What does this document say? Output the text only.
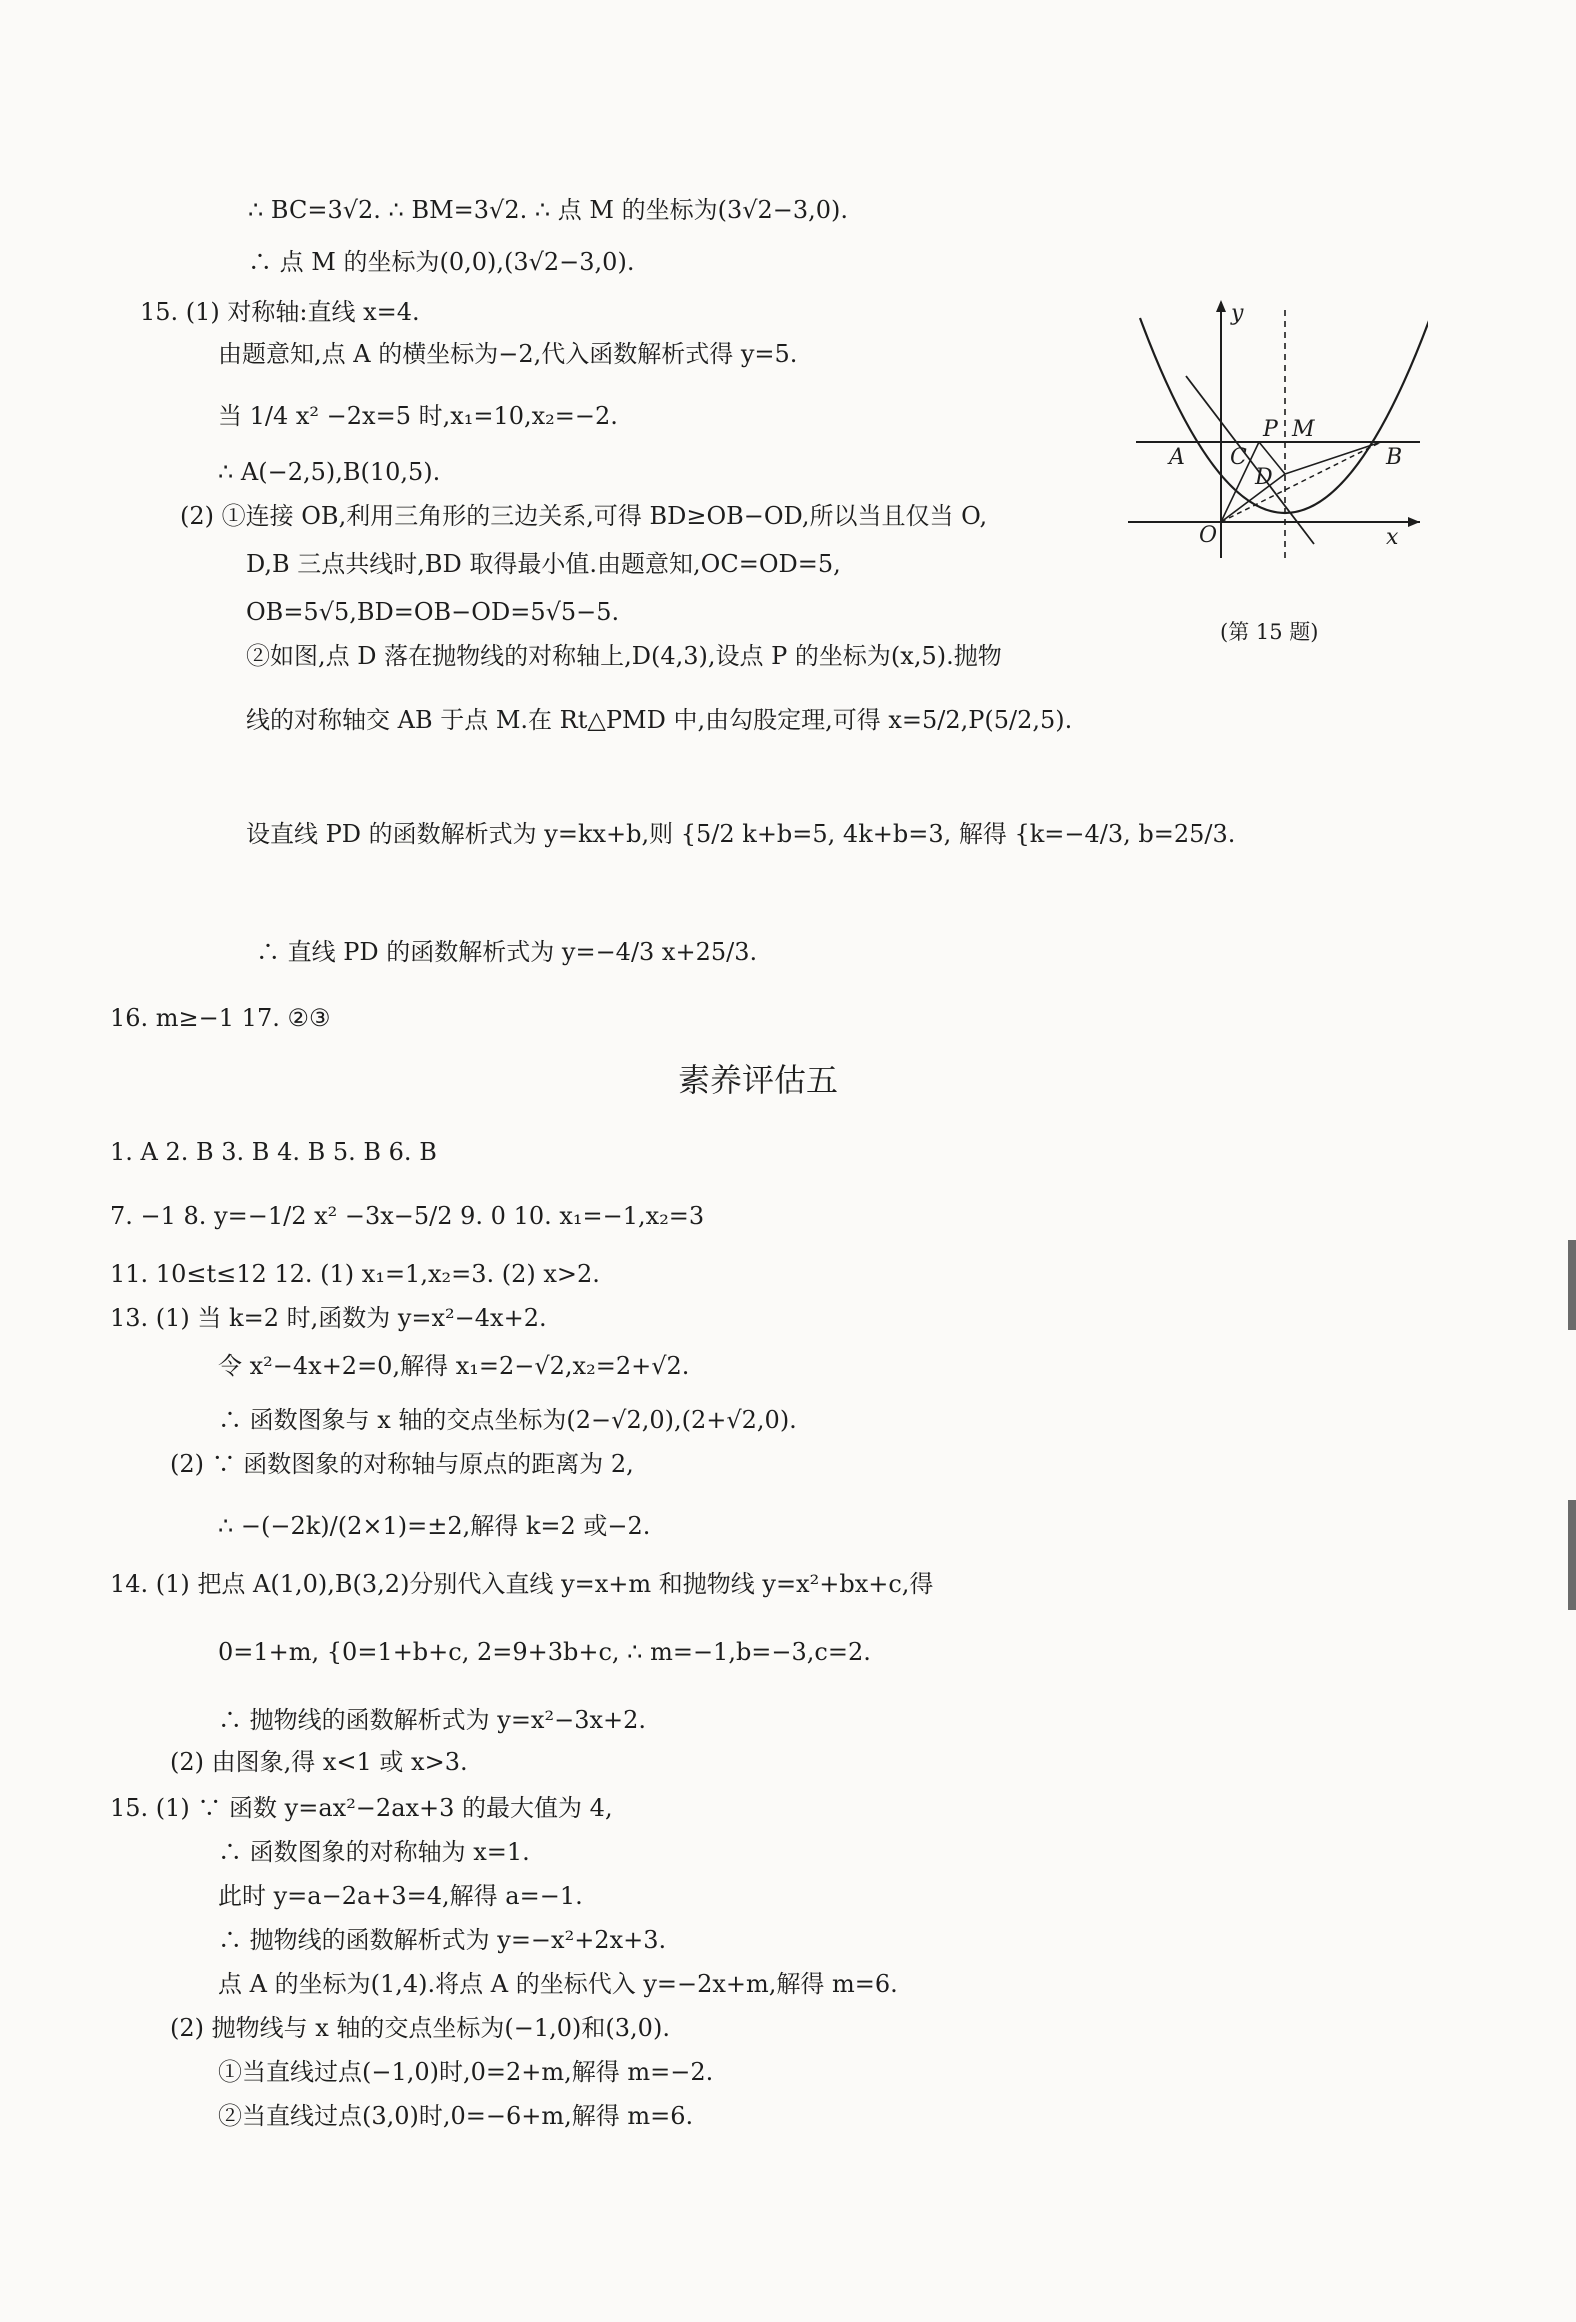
∴ BC=3√2. ∴ BM=3√2. ∴ 点 M 的坐标为(3√2−3,0).
∴ 点 M 的坐标为(0,0),(3√2−3,0).
15. (1) 对称轴:直线 x=4.
由题意知,点 A 的横坐标为−2,代入函数解析式得 y=5.
当 1/4 x² −2x=5 时,x₁=10,x₂=−2.
∴ A(−2,5),B(10,5).
(2) ①连接 OB,利用三角形的三边关系,可得 BD≥OB−OD,所以当且仅当 O,
D,B 三点共线时,BD 取得最小值.由题意知,OC=OD=5,
OB=5√5,BD=OB−OD=5√5−5.
②如图,点 D 落在抛物线的对称轴上,D(4,3),设点 P 的坐标为(x,5).抛物
线的对称轴交 AB 于点 M.在 Rt△PMD 中,由勾股定理,可得 x=5/2,P(5/2,5).
设直线 PD 的函数解析式为 y=kx+b,则 {5/2 k+b=5, 4k+b=3, 解得 {k=−4/3, b=25/3.
∴ 直线 PD 的函数解析式为 y=−4/3 x+25/3.
16. m≥−1 17. ②③
y
x
O
A	B
C
D
P M
(第 15 题)
素养评估五
1. A 2. B 3. B 4. B 5. B 6. B
7. −1 8. y=−1/2 x² −3x−5/2 9. 0 10. x₁=−1,x₂=3
11. 10≤t≤12 12. (1) x₁=1,x₂=3. (2) x>2.
13. (1) 当 k=2 时,函数为 y=x²−4x+2.
令 x²−4x+2=0,解得 x₁=2−√2,x₂=2+√2.
∴ 函数图象与 x 轴的交点坐标为(2−√2,0),(2+√2,0).
(2) ∵ 函数图象的对称轴与原点的距离为 2,
∴ −(−2k)/(2×1)=±2,解得 k=2 或−2.
14. (1) 把点 A(1,0),B(3,2)分别代入直线 y=x+m 和抛物线 y=x²+bx+c,得
0=1+m, {0=1+b+c, 2=9+3b+c, ∴ m=−1,b=−3,c=2.
∴ 抛物线的函数解析式为 y=x²−3x+2.
(2) 由图象,得 x<1 或 x>3.
15. (1) ∵ 函数 y=ax²−2ax+3 的最大值为 4,
∴ 函数图象的对称轴为 x=1.
此时 y=a−2a+3=4,解得 a=−1.
∴ 抛物线的函数解析式为 y=−x²+2x+3.
点 A 的坐标为(1,4).将点 A 的坐标代入 y=−2x+m,解得 m=6.
(2) 抛物线与 x 轴的交点坐标为(−1,0)和(3,0).
①当直线过点(−1,0)时,0=2+m,解得 m=−2.
②当直线过点(3,0)时,0=−6+m,解得 m=6.
